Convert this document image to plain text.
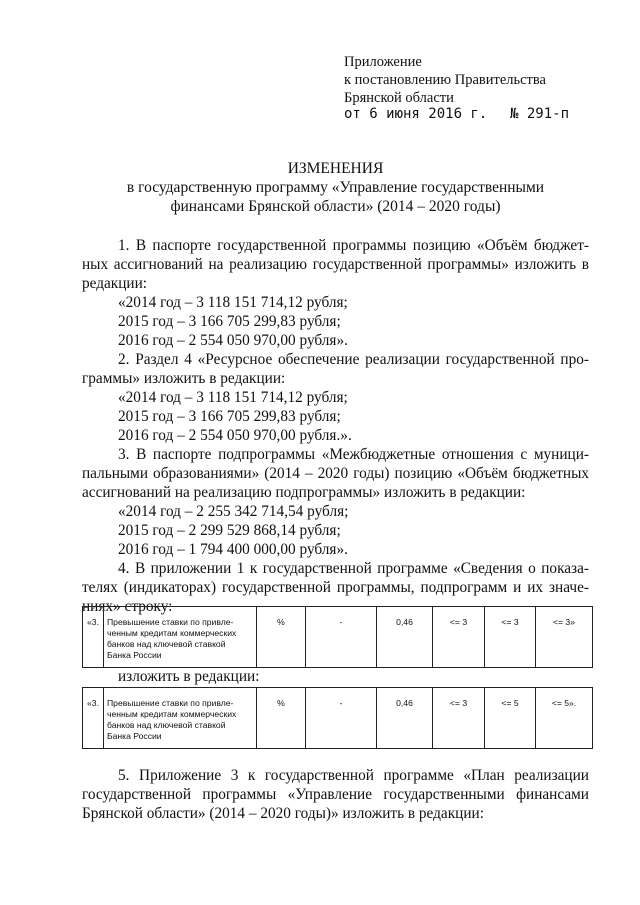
Приложение
к постановлению Правительства
Брянской области
от 6 июня 2016 г. № 291-п
ИЗМЕНЕНИЯ
в государственную программу «Управление государственными
финансами Брянской области» (2014 – 2020 годы)
1. В паспорте государственной программы позицию «Объём бюджет-
ных ассигнований на реализацию государственной программы» изложить в
редакции:
«2014 год – 3 118 151 714,12 рубля;
2015 год – 3 166 705 299,83 рубля;
2016 год – 2 554 050 970,00 рубля».
2. Раздел 4 «Ресурсное обеспечение реализации государственной про-
граммы» изложить в редакции:
«2014 год – 3 118 151 714,12 рубля;
2015 год – 3 166 705 299,83 рубля;
2016 год – 2 554 050 970,00 рубля.».
3. В паспорте подпрограммы «Межбюджетные отношения с муници-
пальными образованиями» (2014 – 2020 годы) позицию «Объём бюджетных
ассигнований на реализацию подпрограммы» изложить в редакции:
«2014 год – 2 255 342 714,54 рубля;
2015 год – 2 299 529 868,14 рубля;
2016 год – 1 794 400 000,00 рубля».
4. В приложении 1 к государственной программе «Сведения о показа-
телях (индикаторах) государственной программы, подпрограмм и их значе-
ниях» строку:
«3.	Превышение ставки по привле-
ченным кредитам коммерческих
банков над ключевой ставкой
Банка России
	%	-	0,46	<= 3	<= 3	<= 3»
изложить в редакции:
«3.	Превышение ставки по привле-
ченным кредитам коммерческих
банков над ключевой ставкой
Банка России
	%	-	0,46	<= 3	<= 5	<= 5».
5. Приложение 3 к государственной программе «План реализации
государственной программы «Управление государственными финансами
Брянской области» (2014 – 2020 годы)» изложить в редакции:
